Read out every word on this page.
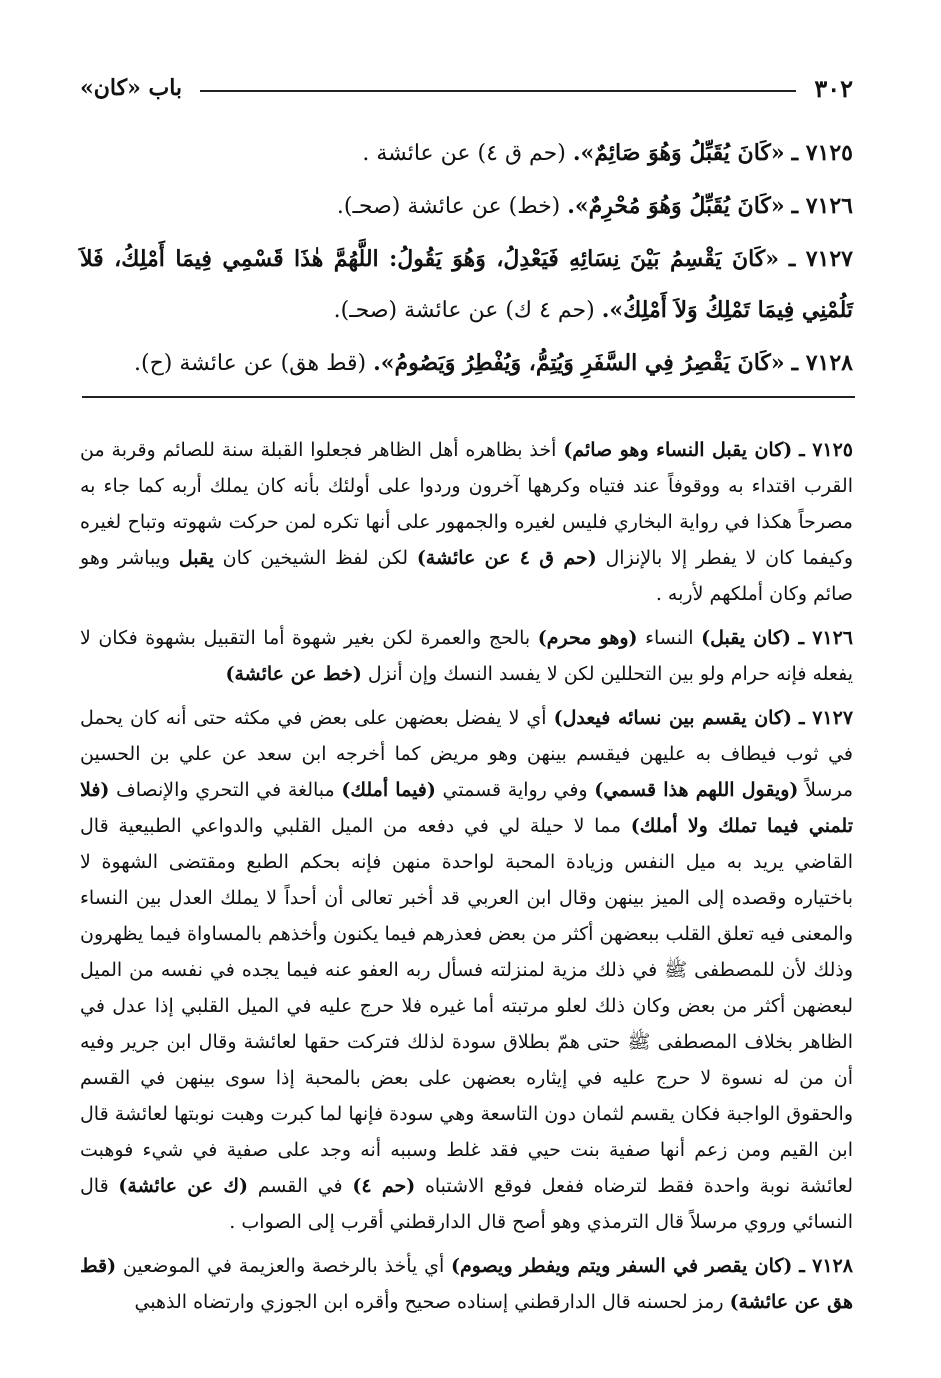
٣٠٢
باب «كان»

٧١٢٥ ـ «كَانَ يُقَبِّلُ وَهُوَ صَائِمٌ». (حم ق ٤) عن عائشة .

٧١٢٦ ـ «كَانَ يُقَبِّلُ وَهُوَ مُحْرِمٌ». (خط) عن عائشة (صحـ).

٧١٢٧ ـ «كَانَ يَقْسِمُ بَيْنَ نِسَائِهِ فَيَعْدِلُ، وَهُوَ يَقُولُ: اللَّهُمَّ هٰذَا قَسْمِي فِيمَا أَمْلِكُ، فَلاَ تَلُمْنِي فِيمَا تَمْلِكُ وَلاَ أَمْلِكُ». (حم ٤ ك) عن عائشة (صحـ).

٧١٢٨ ـ «كَانَ يَقْصِرُ فِي السَّفَرِ وَيُتِمُّ، وَيُفْطِرُ وَيَصُومُ». (قط هق) عن عائشة (ح).

٧١٢٥ ـ (كان يقبل النساء وهو صائم) أخذ بظاهره أهل الظاهر فجعلوا القبلة سنة للصائم وقربة من القرب اقتداء به ووقوفاً عند فتياه وكرهها آخرون وردوا على أولئك بأنه كان يملك أربه كما جاء به مصرحاً هكذا في رواية البخاري فليس لغيره والجمهور على أنها تكره لمن حركت شهوته وتباح لغيره وكيفما كان لا يفطر إلا بالإنزال (حم ق ٤ عن عائشة) لكن لفظ الشيخين كان يقبل ويباشر وهو صائم وكان أملكهم لأربه .

٧١٢٦ ـ (كان يقبل) النساء (وهو محرم) بالحج والعمرة لكن بغير شهوة أما التقبيل بشهوة فكان لا يفعله فإنه حرام ولو بين التحللين لكن لا يفسد النسك وإن أنزل (خط عن عائشة)

٧١٢٧ ـ (كان يقسم بين نسائه فيعدل) أي لا يفضل بعضهن على بعض في مكثه حتى أنه كان يحمل في ثوب فيطاف به عليهن فيقسم بينهن وهو مريض كما أخرجه ابن سعد عن علي بن الحسين مرسلاً (ويقول اللهم هذا قسمي) وفي رواية قسمتي (فيما أملك) مبالغة في التحري والإنصاف (فلا تلمني فيما تملك ولا أملك) مما لا حيلة لي في دفعه من الميل القلبي والدواعي الطبيعية قال القاضي يريد به ميل النفس وزيادة المحبة لواحدة منهن فإنه بحكم الطبع ومقتضى الشهوة لا باختياره وقصده إلى الميز بينهن وقال ابن العربي قد أخبر تعالى أن أحداً لا يملك العدل بين النساء والمعنى فيه تعلق القلب ببعضهن أكثر من بعض فعذرهم فيما يكنون وأخذهم بالمساواة فيما يظهرون وذلك لأن للمصطفى ﷺ في ذلك مزية لمنزلته فسأل ربه العفو عنه فيما يجده في نفسه من الميل لبعضهن أكثر من بعض وكان ذلك لعلو مرتبته أما غيره فلا حرج عليه في الميل القلبي إذا عدل في الظاهر بخلاف المصطفى ﷺ حتى همّ بطلاق سودة لذلك فتركت حقها لعائشة وقال ابن جرير وفيه أن من له نسوة لا حرج عليه في إيثاره بعضهن على بعض بالمحبة إذا سوى بينهن في القسم والحقوق الواجبة فكان يقسم لثمان دون التاسعة وهي سودة فإنها لما كبرت وهبت نوبتها لعائشة قال ابن القيم ومن زعم أنها صفية بنت حيي فقد غلط وسببه أنه وجد على صفية في شيء فوهبت لعائشة نوبة واحدة فقط لترضاه ففعل فوقع الاشتباه (حم ٤) في القسم (ك عن عائشة) قال النسائي وروي مرسلاً قال الترمذي وهو أصح قال الدارقطني أقرب إلى الصواب .

٧١٢٨ ـ (كان يقصر في السفر ويتم ويفطر ويصوم) أي يأخذ بالرخصة والعزيمة في الموضعين (قط هق عن عائشة) رمز لحسنه قال الدارقطني إسناده صحيح وأقره ابن الجوزي وارتضاه الذهبي
